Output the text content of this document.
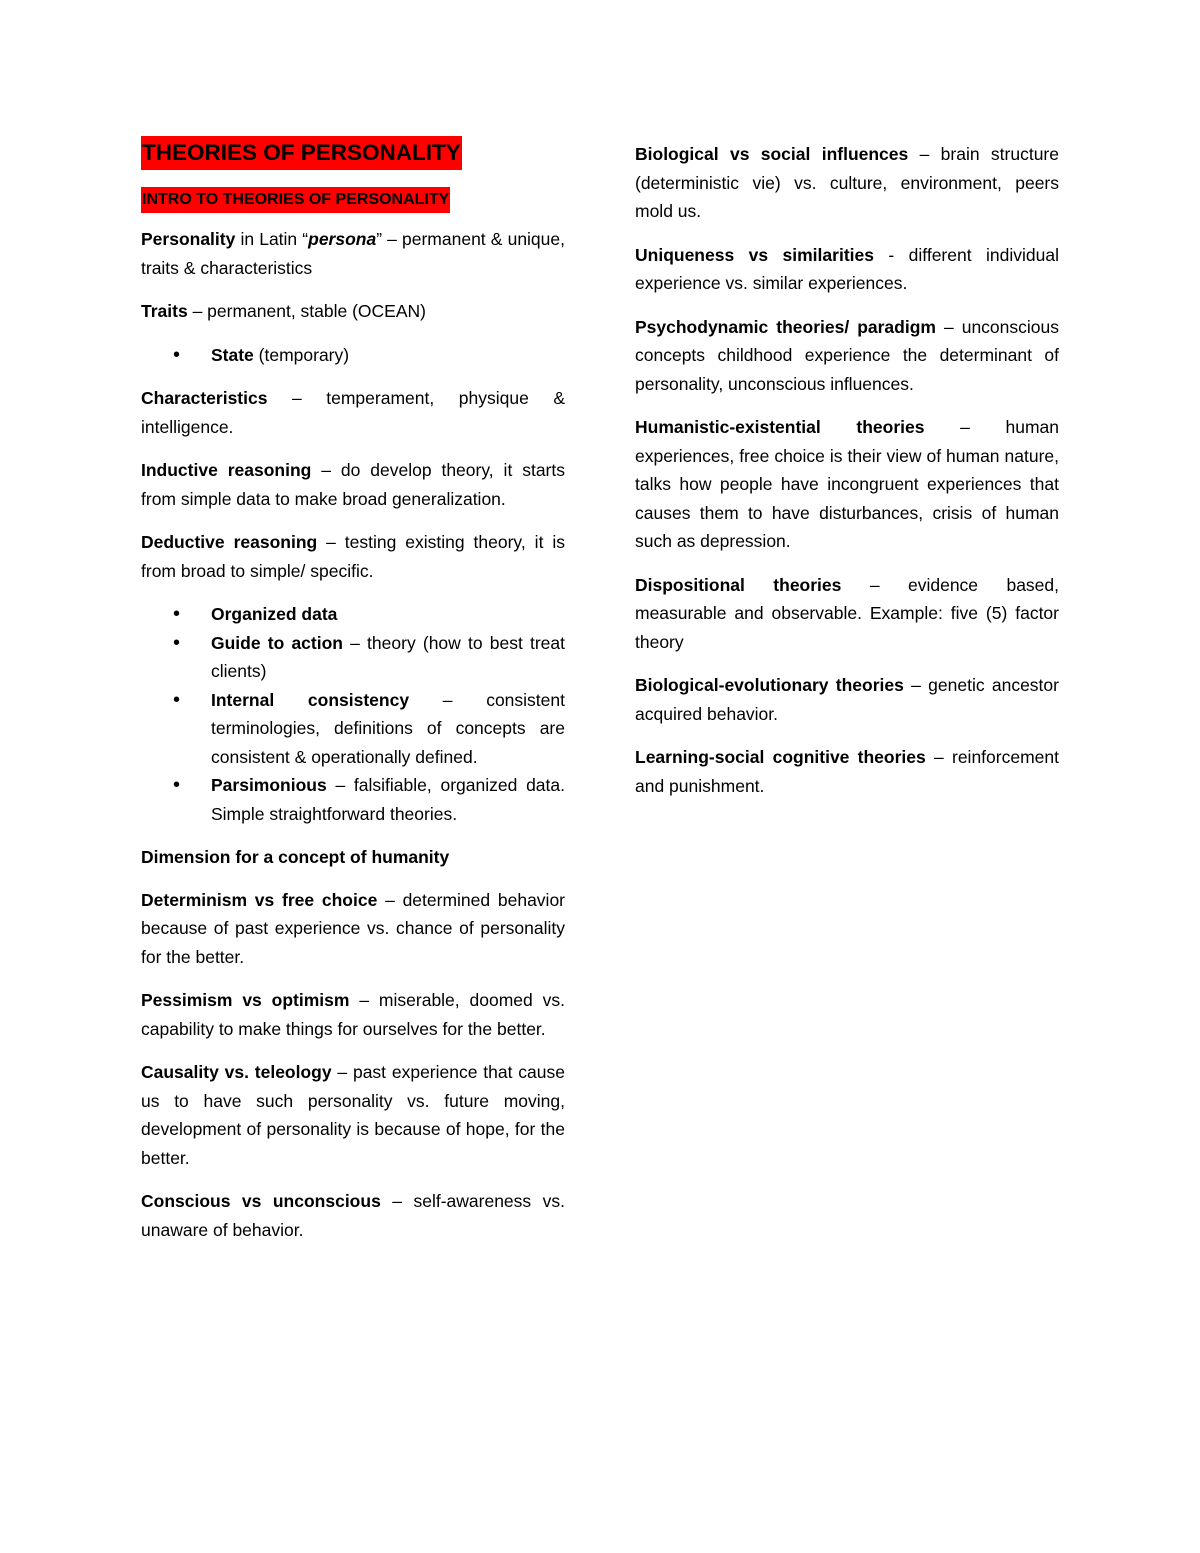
THEORIES OF PERSONALITY
INTRO TO THEORIES OF PERSONALITY

Personality in Latin “persona” – permanent & unique, traits & characteristics

Traits – permanent, stable (OCEAN)

• State (temporary)

Characteristics – temperament, physique & intelligence.

Inductive reasoning – do develop theory, it starts from simple data to make broad generalization.

Deductive reasoning – testing existing theory, it is from broad to simple/ specific.

• Organized data
• Guide to action – theory (how to best treat clients)
• Internal consistency – consistent terminologies, definitions of concepts are consistent & operationally defined.
• Parsimonious – falsifiable, organized data. Simple straightforward theories.

Dimension for a concept of humanity

Determinism vs free choice – determined behavior because of past experience vs. chance of personality for the better.

Pessimism vs optimism – miserable, doomed vs. capability to make things for ourselves for the better.

Causality vs. teleology – past experience that cause us to have such personality vs. future moving, development of personality is because of hope, for the better.

Conscious vs unconscious – self-awareness vs. unaware of behavior.

Biological vs social influences – brain structure (deterministic vie) vs. culture, environment, peers mold us.

Uniqueness vs similarities - different individual experience vs. similar experiences.

Psychodynamic theories/ paradigm – unconscious concepts childhood experience the determinant of personality, unconscious influences.

Humanistic-existential theories – human experiences, free choice is their view of human nature, talks how people have incongruent experiences that causes them to have disturbances, crisis of human such as depression.

Dispositional theories – evidence based, measurable and observable. Example: five (5) factor theory

Biological-evolutionary theories – genetic ancestor acquired behavior.

Learning-social cognitive theories – reinforcement and punishment.
